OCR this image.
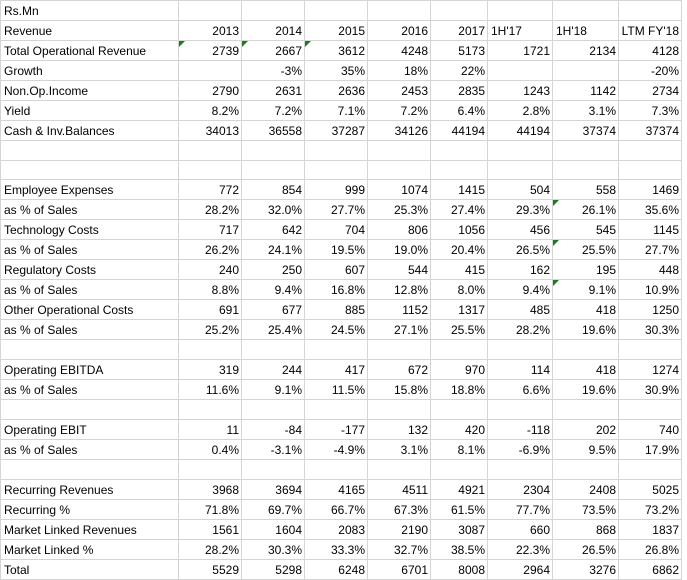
Rs.Mn								
Revenue	2013	2014	2015	2016	2017	1H'17	1H'18	LTM FY'18
Total Operational Revenue	2739	2667	3612	4248	5173	1721	2134	4128
Growth		-3%	35%	18%	22%			-20%
Non.Op.Income	2790	2631	2636	2453	2835	1243	1142	2734
Yield	8.2%	7.2%	7.1%	7.2%	6.4%	2.8%	3.1%	7.3%
Cash & Inv.Balances	34013	36558	37287	34126	44194	44194	37374	37374

Employee Expenses	772	854	999	1074	1415	504	558	1469
as % of Sales	28.2%	32.0%	27.7%	25.3%	27.4%	29.3%	26.1%	35.6%
Technology Costs	717	642	704	806	1056	456	545	1145
as % of Sales	26.2%	24.1%	19.5%	19.0%	20.4%	26.5%	25.5%	27.7%
Regulatory Costs	240	250	607	544	415	162	195	448
as % of Sales	8.8%	9.4%	16.8%	12.8%	8.0%	9.4%	9.1%	10.9%
Other Operational Costs	691	677	885	1152	1317	485	418	1250
as % of Sales	25.2%	25.4%	24.5%	27.1%	25.5%	28.2%	19.6%	30.3%

Operating EBITDA	319	244	417	672	970	114	418	1274
as % of Sales	11.6%	9.1%	11.5%	15.8%	18.8%	6.6%	19.6%	30.9%

Operating EBIT	11	-84	-177	132	420	-118	202	740
as % of Sales	0.4%	-3.1%	-4.9%	3.1%	8.1%	-6.9%	9.5%	17.9%

Recurring Revenues	3968	3694	4165	4511	4921	2304	2408	5025
Recurring %	71.8%	69.7%	66.7%	67.3%	61.5%	77.7%	73.5%	73.2%
Market Linked Revenues	1561	1604	2083	2190	3087	660	868	1837
Market Linked %	28.2%	30.3%	33.3%	32.7%	38.5%	22.3%	26.5%	26.8%
Total	5529	5298	6248	6701	8008	2964	3276	6862
